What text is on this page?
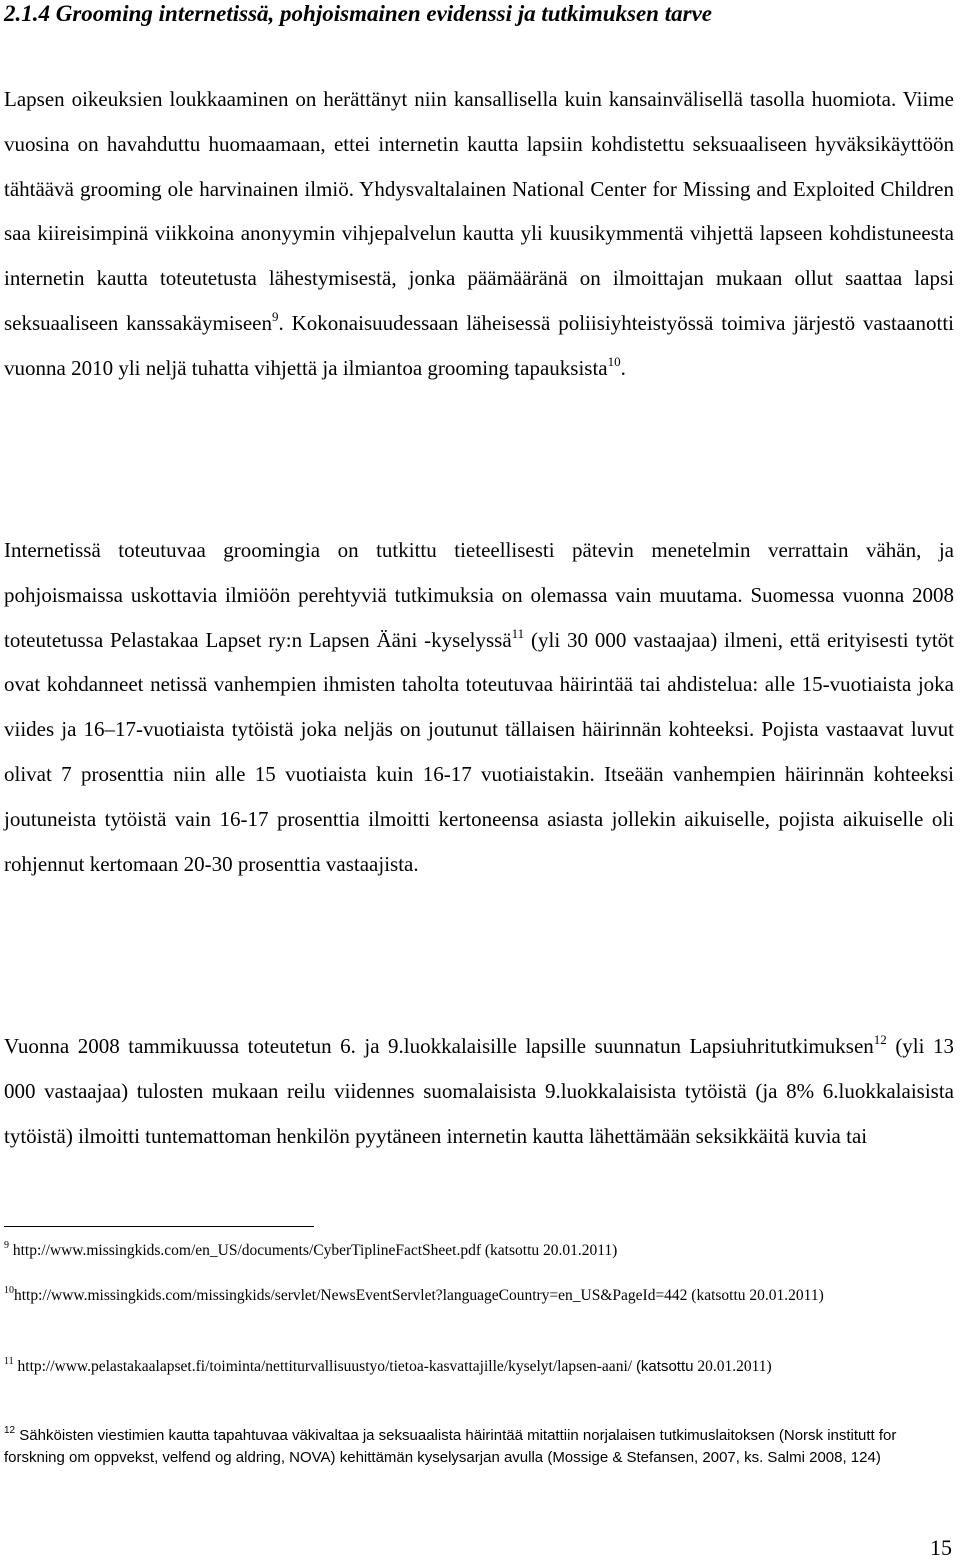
2.1.4 Grooming internetissä, pohjoismainen evidenssi ja tutkimuksen tarve

Lapsen oikeuksien loukkaaminen on herättänyt niin kansallisella kuin kansainvälisellä tasolla huomiota. Viime vuosina on havahduttu huomaamaan, ettei internetin kautta lapsiin kohdistettu seksuaaliseen hyväksikäyttöön tähtäävä grooming ole harvinainen ilmiö. Yhdysvaltalainen National Center for Missing and Exploited Children saa kiireisimpinä viikkoina anonyymin vihjepalvelun kautta yli kuusikymmentä vihjettä lapseen kohdistuneesta internetin kautta toteutetusta lähestymisestä, jonka päämääränä on ilmoittajan mukaan ollut saattaa lapsi seksuaaliseen kanssakäymiseen$^9$. Kokonaisuudessaan läheisessä poliisiyhteistyössä toimiva järjestö vastaanotti vuonna 2010 yli neljä tuhatta vihjettä ja ilmiantoa grooming tapauksista$^{10}$.

Internetissä toteutuvaa groomingia on tutkittu tieteellisesti pätevin menetelmin verrattain vähän, ja pohjoismaissa uskottavia ilmiöön perehtyviä tutkimuksia on olemassa vain muutama. Suomessa vuonna 2008 toteutetussa Pelastakaa Lapset ry:n Lapsen Ääni -kyselyssä$^{11}$ (yli 30 000 vastaajaa) ilmeni, että erityisesti tytöt ovat kohdanneet netissä vanhempien ihmisten taholta toteutuvaa häirintää tai ahdistelua: alle 15-vuotiaista joka viides ja 16–17-vuotiaista tytöistä joka neljäs on joutunut tällaisen häirinnän kohteeksi. Pojista vastaavat luvut olivat 7 prosenttia niin alle 15 vuotiaista kuin 16-17 vuotiaistakin. Itseään vanhempien häirinnän kohteeksi joutuneista tytöistä vain 16-17 prosenttia ilmoitti kertoneensa asiasta jollekin aikuiselle, pojista aikuiselle oli rohjennut kertomaan 20-30 prosenttia vastaajista.

Vuonna 2008 tammikuussa toteutetun 6. ja 9.luokkalaisille lapsille suunnatun Lapsiuhritutkimuksen$^{12}$ (yli 13 000 vastaajaa) tulosten mukaan reilu viidennes suomalaisista 9.luokkalaisista tytöistä (ja 8% 6.luokkalaisista tytöistä) ilmoitti tuntemattoman henkilön pyytäneen internetin kautta lähettämään seksikkäitä kuvia tai

$^9$ http://www.missingkids.com/en_US/documents/CyberTiplineFactSheet.pdf (katsottu 20.01.2011)

$^{10}$http://www.missingkids.com/missingkids/servlet/NewsEventServlet?languageCountry=en_US&PageId=442 (katsottu 20.01.2011)

$^{11}$ http://www.pelastakaalapset.fi/toiminta/nettiturvallisuustyo/tietoa-kasvattajille/kyselyt/lapsen-aani/ (katsottu 20.01.2011)

$^{12}$ Sähköisten viestimien kautta tapahtuvaa väkivaltaa ja seksuaalista häirintää mitattiin norjalaisen tutkimuslaitoksen (Norsk institutt for forskning om oppvekst, velfend og aldring, NOVA) kehittämän kyselysarjan avulla (Mossige & Stefansen, 2007, ks. Salmi 2008, 124)

15
